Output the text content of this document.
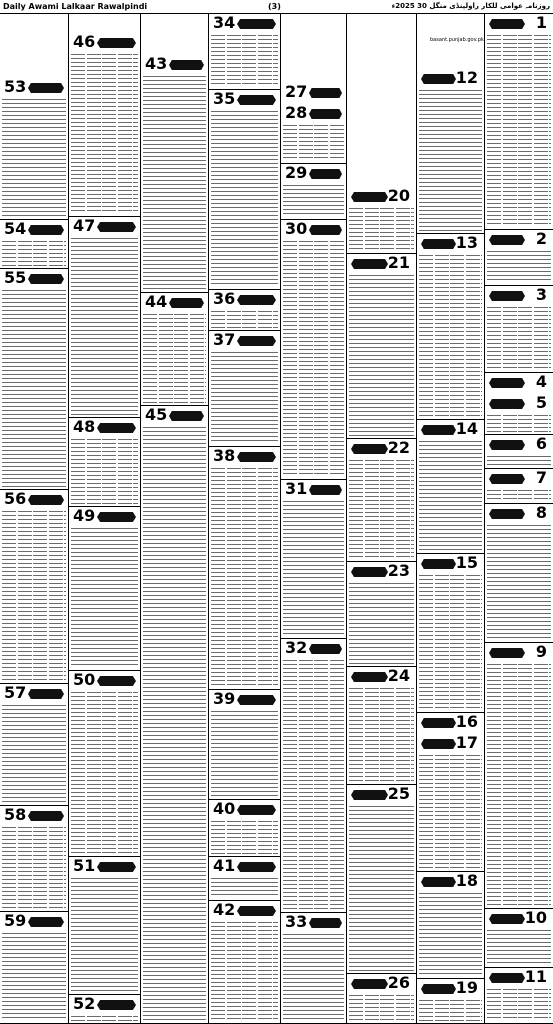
Daily Awami Lalkaar Rawalpindi	(3)	ﺭﻭﺯﻧﺎﻣﮧ ﻋﻮﺍﻣﯽ ﻟﻠﮑﺎﺭ ﺭﺍﻭﻟﭙﻨﮉﯼ ﻣﻨﮕﻞ 30 2025ء
53
54
55
56
57
58
59
46
47
48
49
50
51
52
43
44
45
34
35
36
37
38
39
40
41
42
27
28
29
30
31
32
33
20
21
22
23
24
25
26
12
13
14
15
16
17
18
19
1
2
3
4
5
6
7
8
9
10
11
basant.punjab.gov.pk
